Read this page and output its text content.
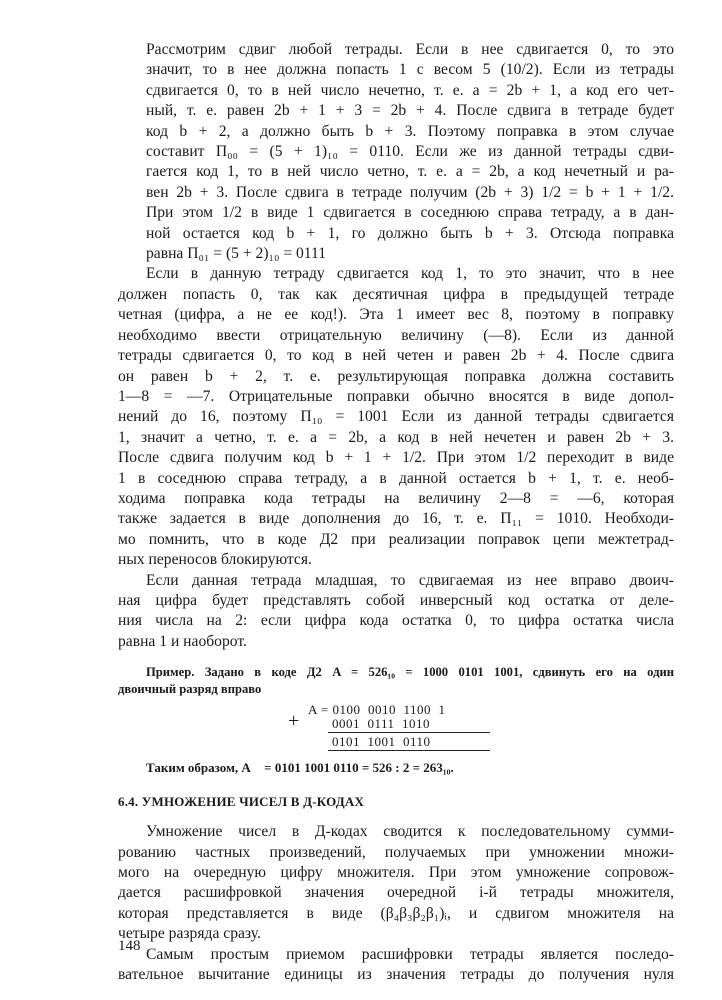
Рассмотрим сдвиг любой тетрады. Если в нее сдвигается 0, то это
значит, то в нее должна попасть 1 с весом 5 (10/2). Если из тетрады
сдвигается 0, то в ней число нечетно, т. е. a = 2b + 1, а код его чет-
ный, т. е. равен 2b + 1 + 3 = 2b + 4. После сдвига в тетраде будет
код b + 2, а должно быть b + 3. Поэтому поправка в этом случае
составит П₀₀ = (5 + 1)₁₀ = 0110. Если же из данной тетрады сдви-
гается код 1, то в ней число четно, т. е. a = 2b, а код нечетный и ра-
вен 2b + 3. После сдвига в тетраде получим (2b + 3) 1/2 = b + 1 + 1/2.
При этом 1/2 в виде 1 сдвигается в соседнюю справа тетраду, а в дан-
ной остается код b + 1, го должно быть b + 3. Отсюда поправка
равна П₀₁ = (5 + 2)₁₀ = 0111
Если в данную тетраду сдвигается код 1, то это значит, что в нее
должен попасть 0, так как десятичная цифра в предыдущей тетраде
четная (цифра, а не ее код!). Эта 1 имеет вес 8, поэтому в поправку
необходимо ввести отрицательную величину (—8). Если из данной
тетрады сдвигается 0, то код в ней четен и равен 2b + 4. После сдвига
он равен b + 2, т. е. результирующая поправка должна составить
1—8 = —7. Отрицательные поправки обычно вносятся в виде допол-
нений до 16, поэтому П₁₀ = 1001 Если из данной тетрады сдвигается
1, значит a четно, т. е. a = 2b, а код в ней нечетен и равен 2b + 3.
После сдвига получим код b + 1 + 1/2. При этом 1/2 переходит в виде
1 в соседнюю справа тетраду, а в данной остается b + 1, т. е. необ-
ходима поправка кода тетрады на величину 2—8 = —6, которая
также задается в виде дополнения до 16, т. е. П₁₁ = 1010. Необходи-
мо помнить, что в коде Д2 при реализации поправок цепи межтетрад-
ных переносов блокируются.
Если данная тетрада младшая, то сдвигаемая из нее вправо двоич-
ная цифра будет представлять собой инверсный код остатка от деле-
ния числа на 2: если цифра кода остатка 0, то цифра остатка числа
равна 1 и наоборот.
Пример. Задано в коде Д2 A = 526₁₀ = 1000 0101 1001, сдвинуть его на один
двоичный разряд вправо
+
A = 0100  0010  1100  1
0001  0111  1010
0101  1001  0110
Таким образом, A⃗ = 0101 1001 0110 = 526 : 2 = 263₁₀.
6.4. УМНОЖЕНИЕ ЧИСЕЛ В Д-КОДАХ
Умножение чисел в Д-кодах сводится к последовательному сумми-
рованию частных произведений, получаемых при умножении множи-
мого на очередную цифру множителя. При этом умножение сопровож-
дается расшифровкой значения очередной i-й тетрады множителя,
которая представляется в виде (β₄β₃β₂β₁)ᵢ, и сдвигом множителя на
четыре разряда сразу.
Самым простым приемом расшифровки тетрады является последо-
вательное вычитание единицы из значения тетрады до получения нуля
148
